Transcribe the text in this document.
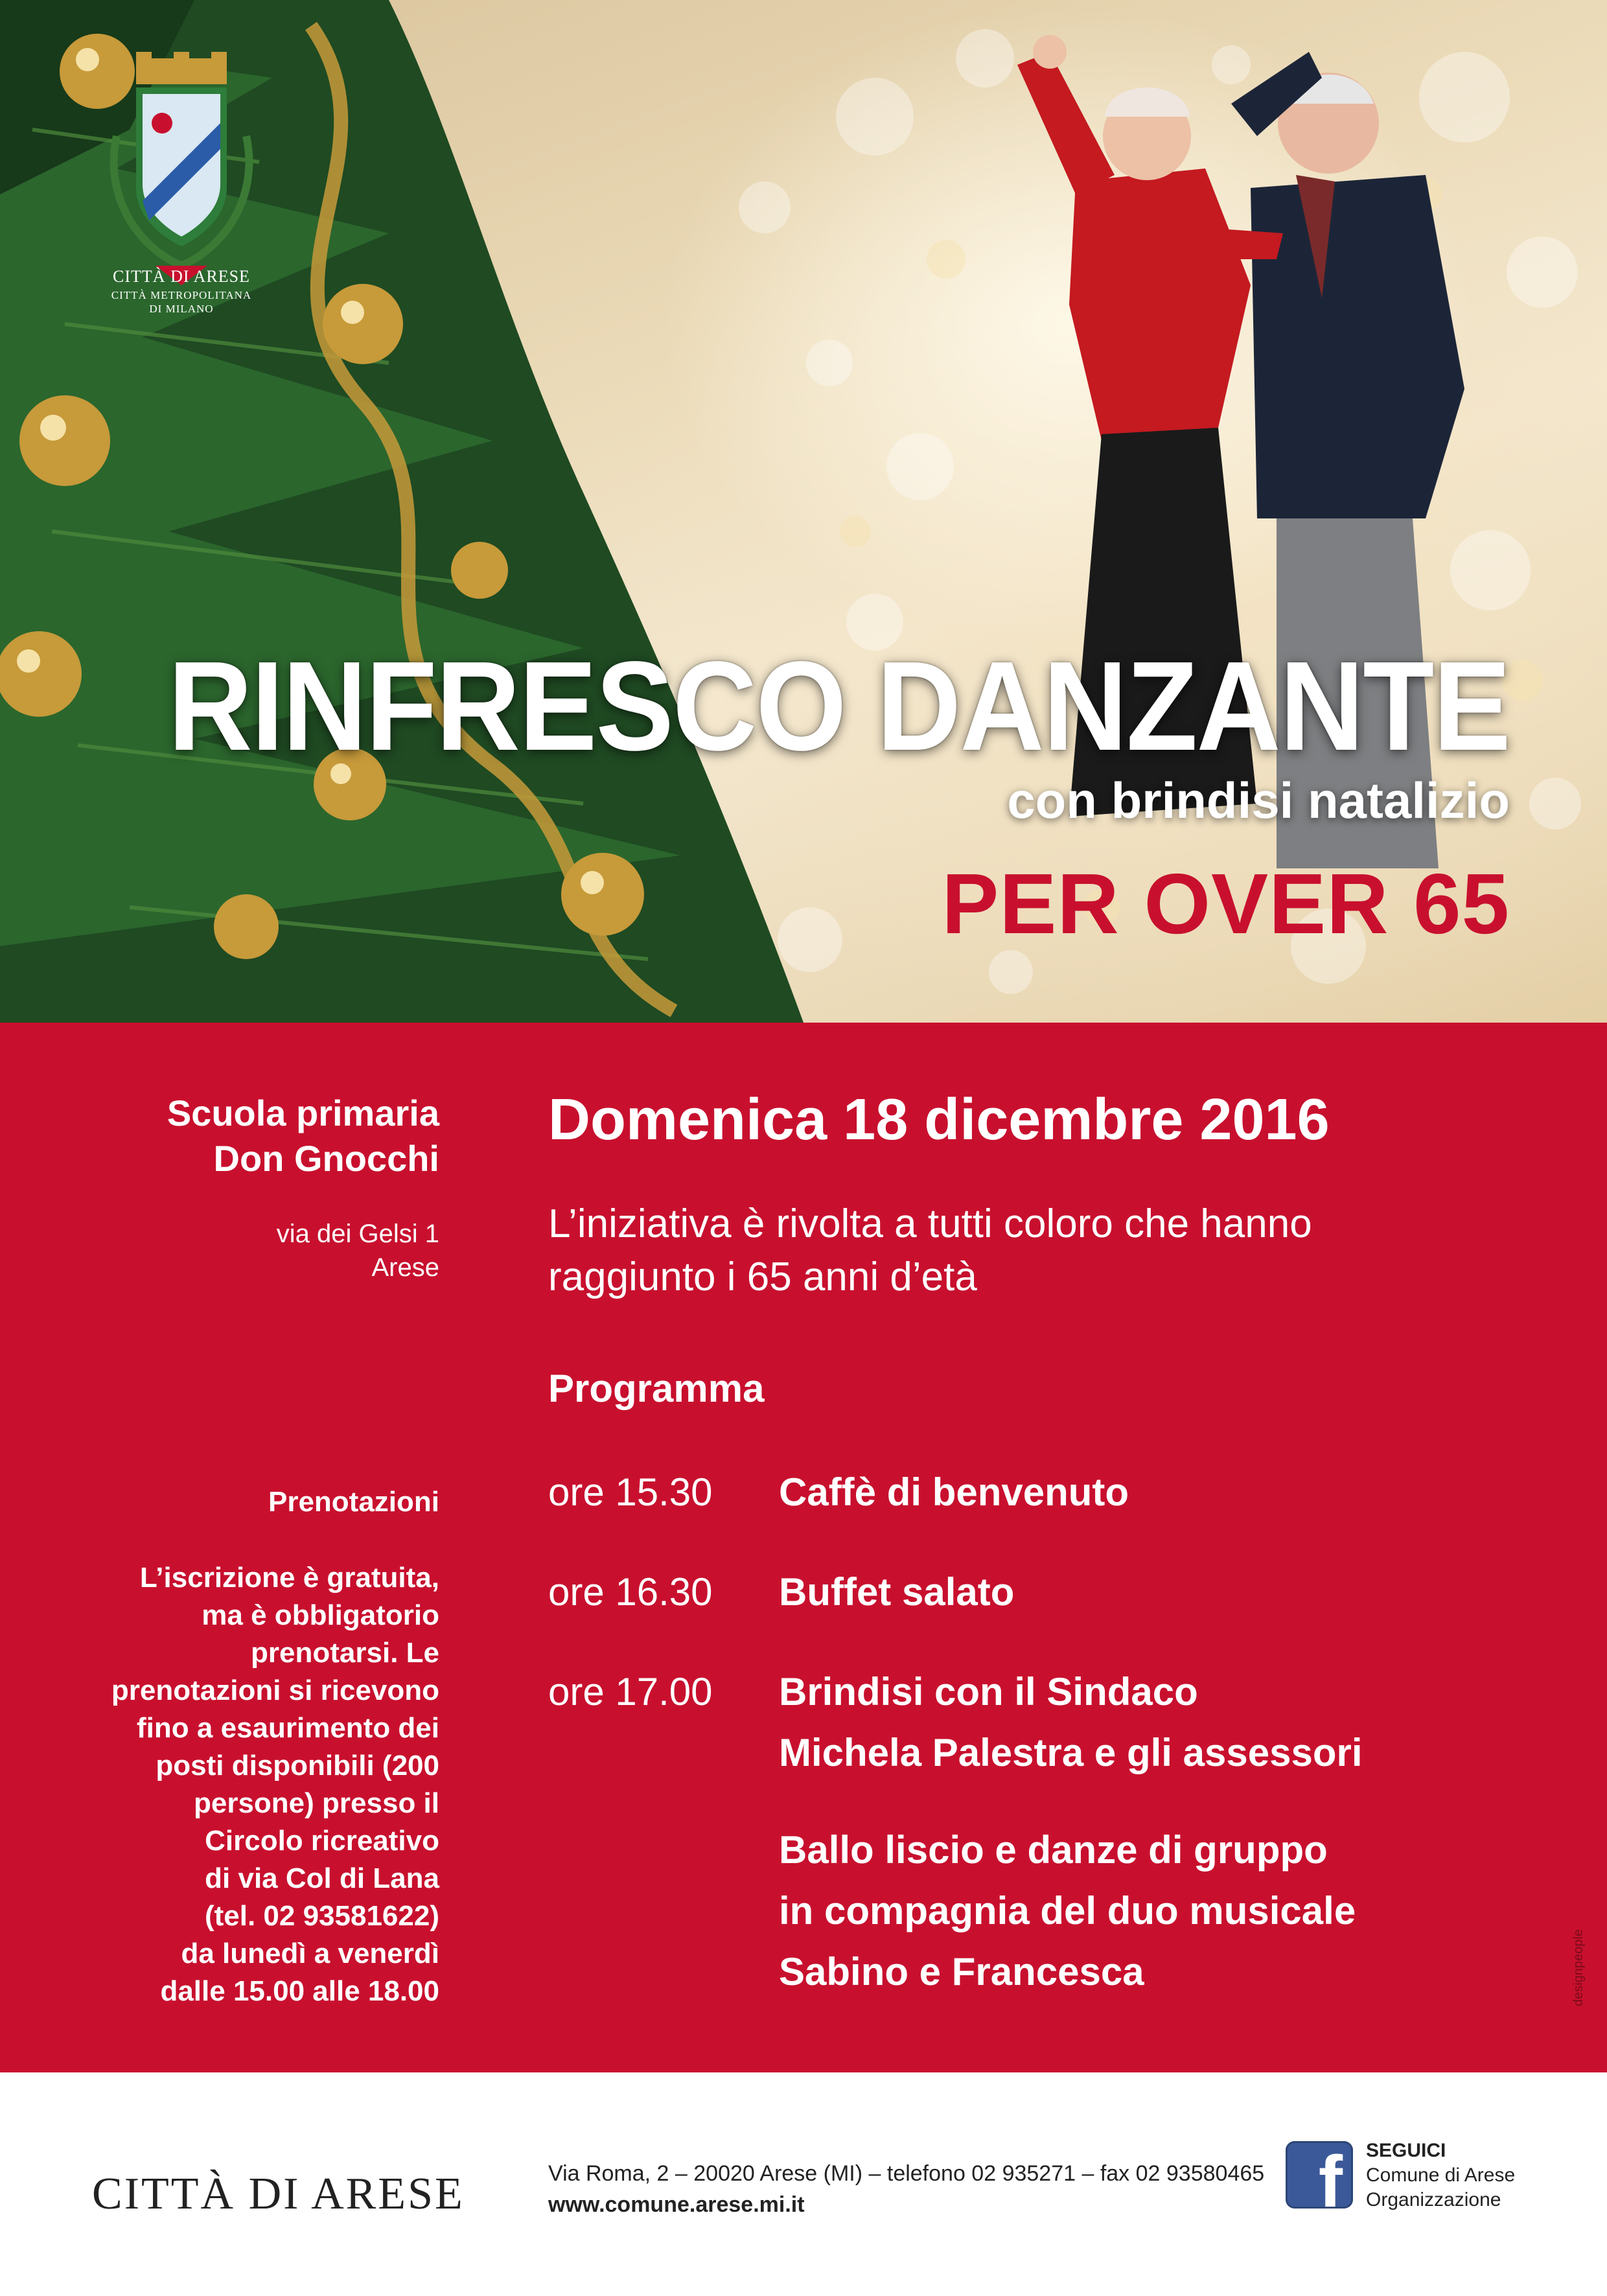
CITTÀ DI ARESE
CITTÀ METROPOLITANA
DI MILANO
RINFRESCO DANZANTE
con brindisi natalizio
PER OVER 65
Scuola primaria
Don Gnocchi
via dei Gelsi 1
Arese
Prenotazioni
L’iscrizione è gratuita,
ma è obbligatorio
prenotarsi. Le
prenotazioni si ricevono
fino a esaurimento dei
posti disponibili (200
persone) presso il
Circolo ricreativo
di via Col di Lana
(tel. 02 93581622)
da lunedì a venerdì
dalle 15.00 alle 18.00
Domenica 18 dicembre 2016
L’iniziativa è rivolta a tutti coloro che hanno
raggiunto i 65 anni d’età
Programma
ore 15.30	Caffè di benvenuto
ore 16.30	Buffet salato
ore 17.00	Brindisi con il Sindaco
Michela Palestra e gli assessori
Ballo liscio e danze di gruppo
in compagnia del duo musicale
Sabino e Francesca	designpeople
CITTÀ DI ARESE	Via Roma, 2 – 20020 Arese (MI) – telefono 02 935271 – fax 02 93580465
www.comune.arese.mi.it	f	SEGUICI
Comune di Arese
Organizzazione
